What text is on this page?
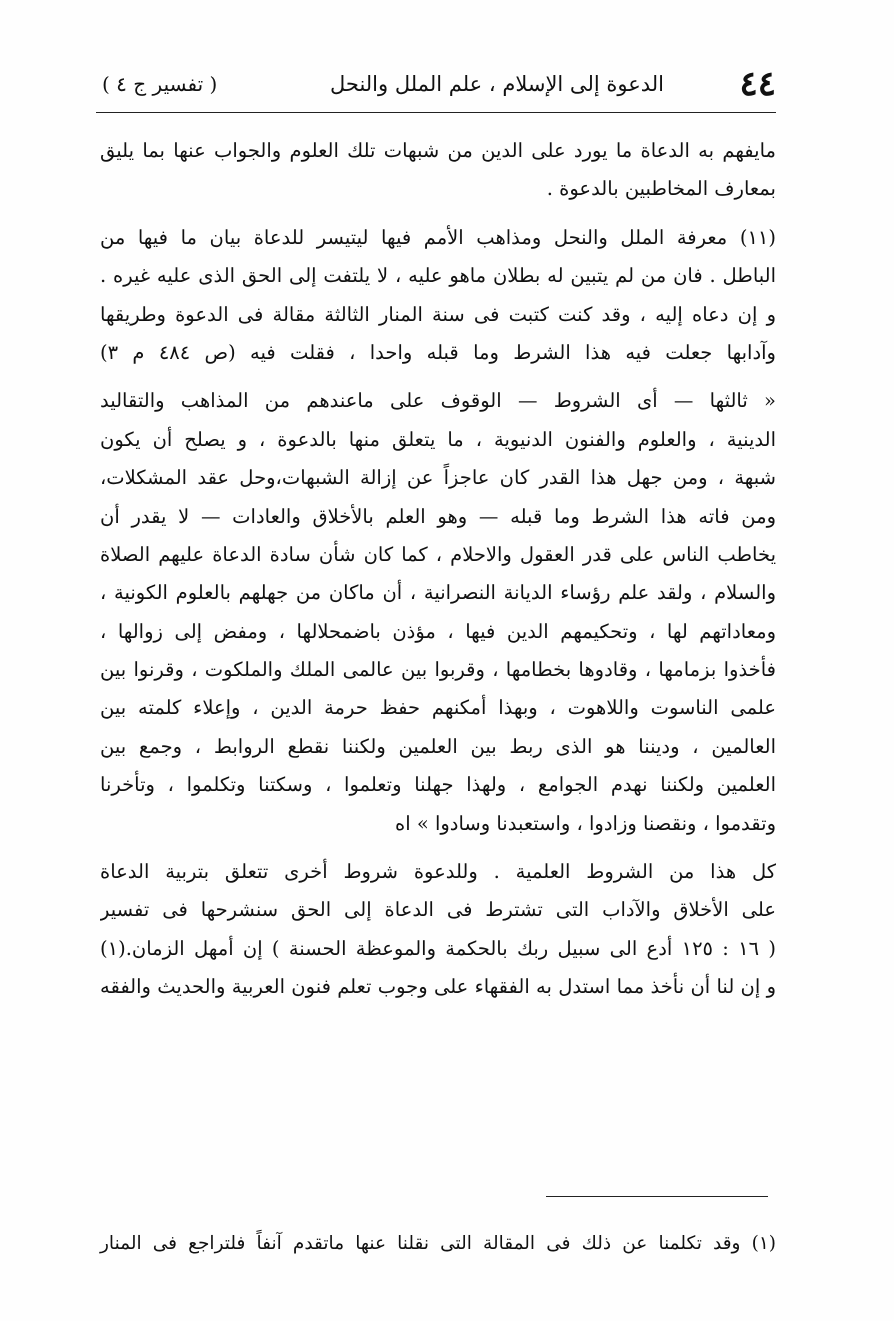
٤٤
الدعوة إلى الإسلام ، علم الملل والنحل
( تفسير ج ٤ )
مايفهم به الدعاة ما يورد على الدين من شبهات تلك العلوم والجواب عنها بما يليق
بمعارف المخاطبين بالدعوة .
(١١) معرفة الملل والنحل ومذاهب الأمم فيها ليتيسر للدعاة بيان ما فيها من
الباطل . فان من لم يتبين له بطلان ماهو عليه ، لا يلتفت إلى الحق الذى عليه غيره .
و إن دعاه إليه ، وقد كنت كتبت فى سنة المنار الثالثة مقالة فى الدعوة وطريقها
وآدابها جعلت فيه هذا الشرط وما قبله واحدا ، فقلت فيه (ص ٤٨٤ م ٣)
« ثالثها — أى الشروط — الوقوف على ماعندهم من المذاهب والتقاليد
الدينية ، والعلوم والفنون الدنيوية ، ما يتعلق منها بالدعوة ، و يصلح أن يكون
شبهة ، ومن جهل هذا القدر كان عاجزاً عن إزالة الشبهات،وحل عقد المشكلات،
ومن فاته هذا الشرط وما قبله — وهو العلم بالأخلاق والعادات — لا يقدر أن
يخاطب الناس على قدر العقول والاحلام ، كما كان شأن سادة الدعاة عليهم الصلاة
والسلام ، ولقد علم رؤساء الديانة النصرانية ، أن ماكان من جهلهم بالعلوم الكونية ،
ومعاداتهم لها ، وتحكيمهم الدين فيها ، مؤذن باضمحلالها ، ومفض إلى زوالها ،
فأخذوا بزمامها ، وقادوها بخطامها ، وقربوا بين عالمى الملك والملكوت ، وقرنوا بين
علمى الناسوت واللاهوت ، وبهذا أمكنهم حفظ حرمة الدين ، وإعلاء كلمته بين
العالمين ، وديننا هو الذى ربط بين العلمين ولكننا نقطع الروابط ، وجمع بين
العلمين ولكننا نهدم الجوامع ، ولهذا جهلنا وتعلموا ، وسكتنا وتكلموا ، وتأخرنا
وتقدموا ، ونقصنا وزادوا ، واستعبدنا وسادوا » اه
كل هذا من الشروط العلمية . وللدعوة شروط أخرى تتعلق بتربية الدعاة
على الأخلاق والآداب التى تشترط فى الدعاة إلى الحق سنشرحها فى تفسير
( ١٦ : ١٢٥ أدع الى سبيل ربك بالحكمة والموعظة الحسنة ) إن أمهل الزمان.(١)
و إن لنا أن نأخذ مما استدل به الفقهاء على وجوب تعلم فنون العربية والحديث والفقه
(١) وقد تكلمنا عن ذلك فى المقالة التى نقلنا عنها ماتقدم آنفاً فلتراجع فى المنار
